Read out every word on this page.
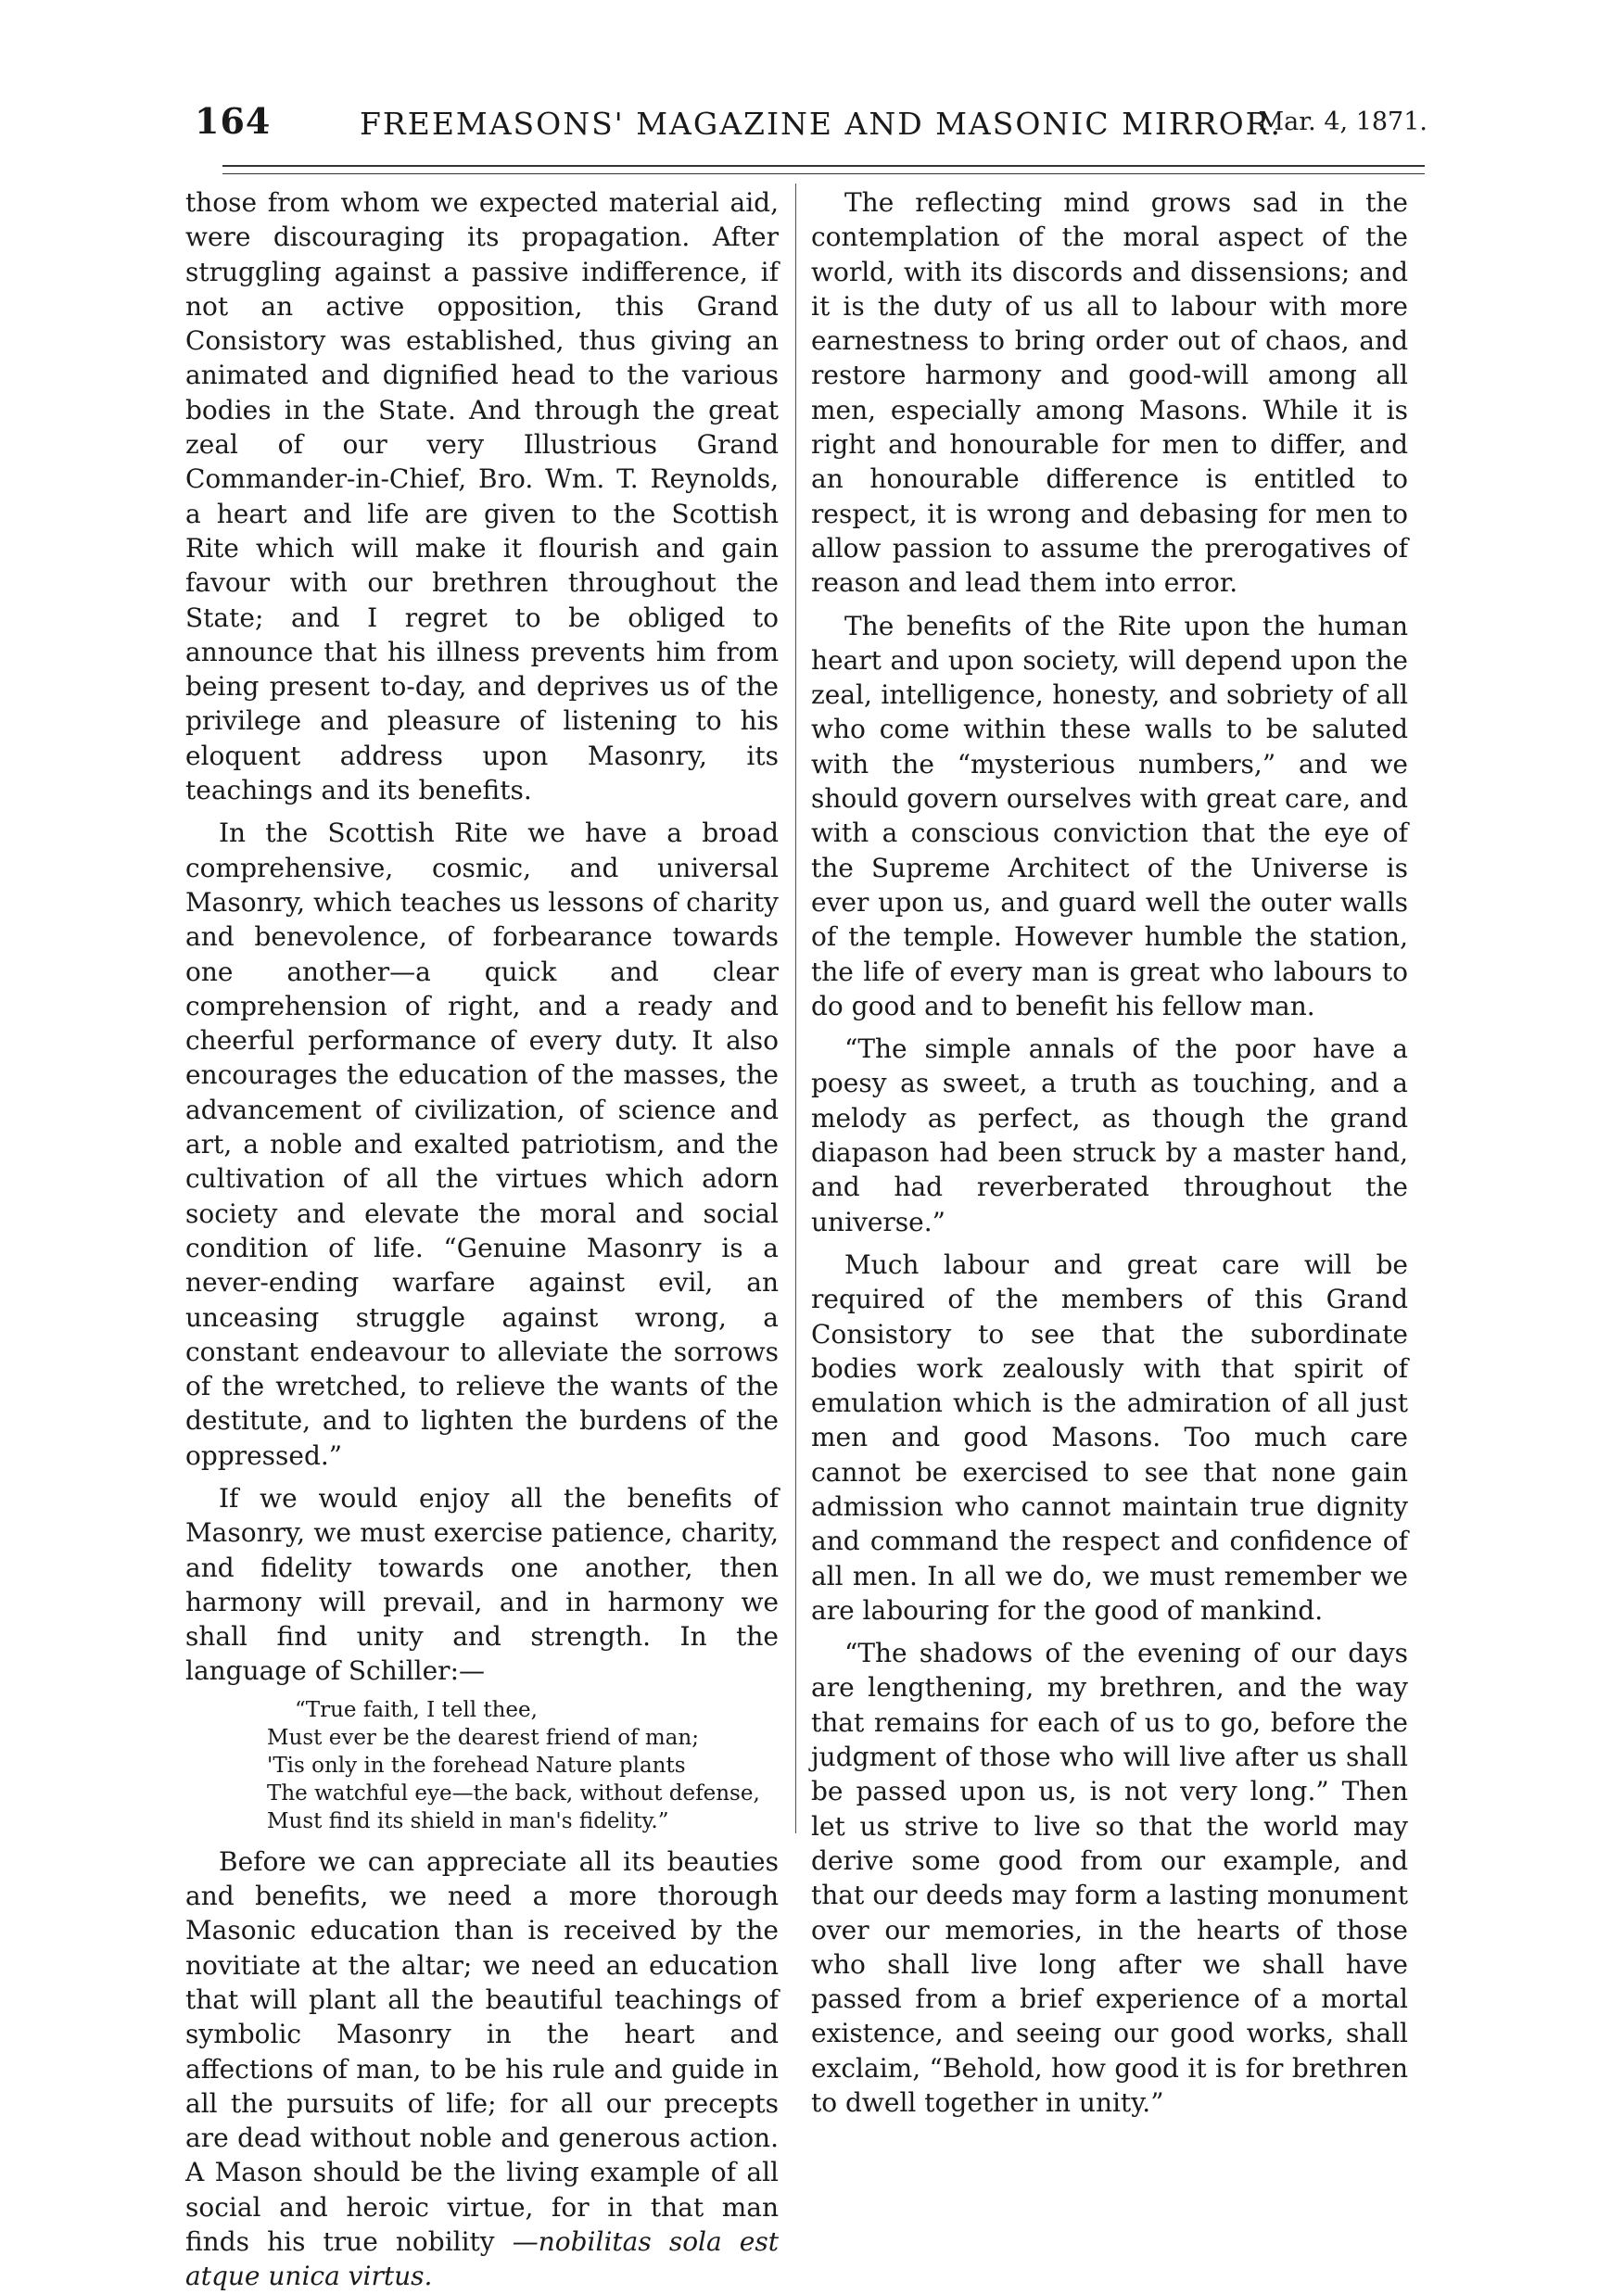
164	FREEMASONS' MAGAZINE AND MASONIC MIRROR.
Mar. 4, 1871.

those from whom we expected material aid, were discouraging its propagation. After struggling against a passive indifference, if not an active opposition, this Grand Consistory was established, thus giving an animated and dignified head to the various bodies in the State. And through the great zeal of our very Illustrious Grand Commander-in-Chief, Bro. Wm. T. Reynolds, a heart and life are given to the Scottish Rite which will make it flourish and gain favour with our brethren throughout the State; and I regret to be obliged to announce that his illness prevents him from being present to-day, and deprives us of the privilege and pleasure of listening to his eloquent address upon Masonry, its teachings and its benefits.

In the Scottish Rite we have a broad comprehensive, cosmic, and universal Masonry, which teaches us lessons of charity and benevolence, of forbearance towards one another—a quick and clear comprehension of right, and a ready and cheerful performance of every duty. It also encourages the education of the masses, the advancement of civilization, of science and art, a noble and exalted patriotism, and the cultivation of all the virtues which adorn society and elevate the moral and social condition of life. “Genuine Masonry is a never-ending warfare against evil, an unceasing struggle against wrong, a constant endeavour to alleviate the sorrows of the wretched, to relieve the wants of the destitute, and to lighten the burdens of the oppressed.”

If we would enjoy all the benefits of Masonry, we must exercise patience, charity, and fidelity towards one another, then harmony will prevail, and in harmony we shall find unity and strength. In the language of Schiller:—

“True faith, I tell thee,
Must ever be the dearest friend of man;
'Tis only in the forehead Nature plants
The watchful eye—the back, without defense,
Must find its shield in man's fidelity.”

Before we can appreciate all its beauties and benefits, we need a more thorough Masonic education than is received by the novitiate at the altar; we need an education that will plant all the beautiful teachings of symbolic Masonry in the heart and affections of man, to be his rule and guide in all the pursuits of life; for all our precepts are dead without noble and generous action. A Mason should be the living example of all social and heroic virtue, for in that man finds his true nobility —nobilitas sola est atque unica virtus.

The reflecting mind grows sad in the contemplation of the moral aspect of the world, with its discords and dissensions; and it is the duty of us all to labour with more earnestness to bring order out of chaos, and restore harmony and good-will among all men, especially among Masons. While it is right and honourable for men to differ, and an honourable difference is entitled to respect, it is wrong and debasing for men to allow passion to assume the prerogatives of reason and lead them into error.

The benefits of the Rite upon the human heart and upon society, will depend upon the zeal, intelligence, honesty, and sobriety of all who come within these walls to be saluted with the “mysterious numbers,” and we should govern ourselves with great care, and with a conscious conviction that the eye of the Supreme Architect of the Universe is ever upon us, and guard well the outer walls of the temple. However humble the station, the life of every man is great who labours to do good and to benefit his fellow man.

“The simple annals of the poor have a poesy as sweet, a truth as touching, and a melody as perfect, as though the grand diapason had been struck by a master hand, and had reverberated throughout the universe.”

Much labour and great care will be required of the members of this Grand Consistory to see that the subordinate bodies work zealously with that spirit of emulation which is the admiration of all just men and good Masons. Too much care cannot be exercised to see that none gain admission who cannot maintain true dignity and command the respect and confidence of all men. In all we do, we must remember we are labouring for the good of mankind.

“The shadows of the evening of our days are lengthening, my brethren, and the way that remains for each of us to go, before the judgment of those who will live after us shall be passed upon us, is not very long.” Then let us strive to live so that the world may derive some good from our example, and that our deeds may form a lasting monument over our memories, in the hearts of those who shall live long after we shall have passed from a brief experience of a mortal existence, and seeing our good works, shall exclaim, “Behold, how good it is for brethren to dwell together in unity.”
